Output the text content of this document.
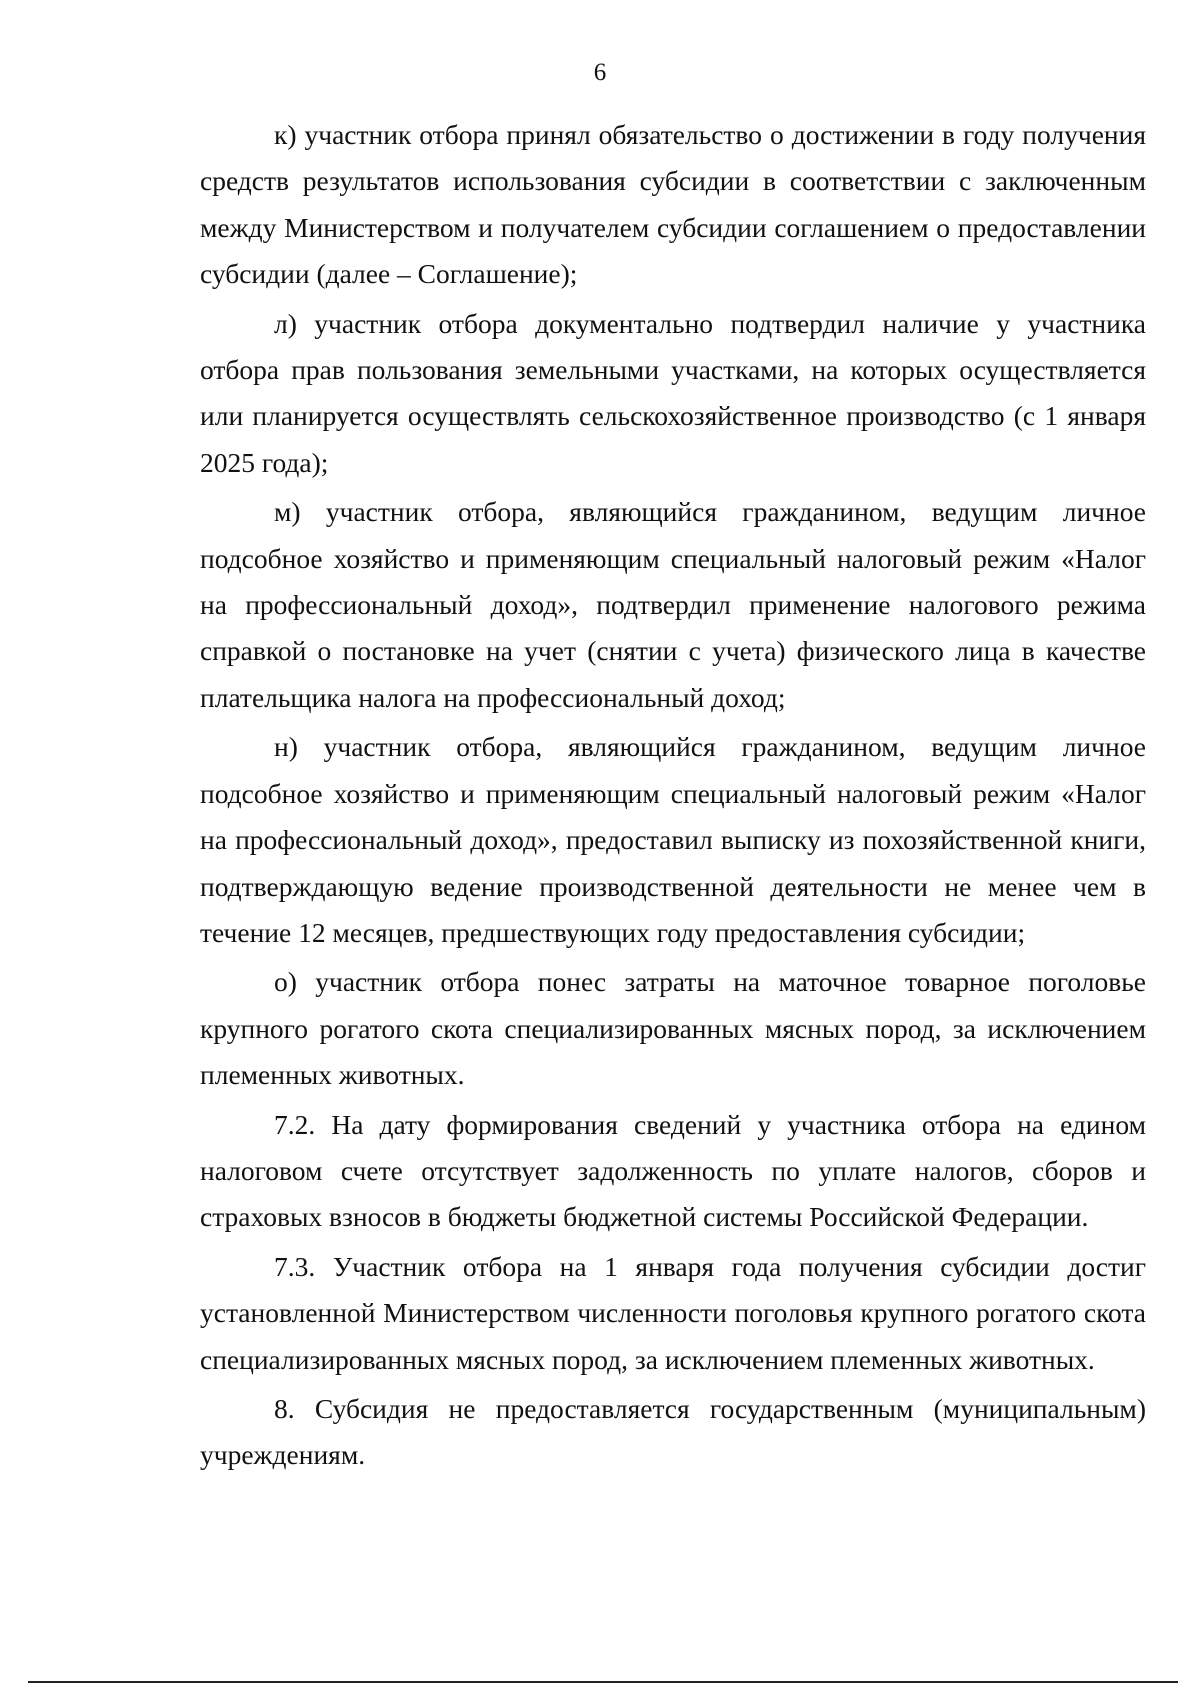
6

к) участник отбора принял обязательство о достижении в году получения средств результатов использования субсидии в соответствии с заключенным между Министерством и получателем субсидии соглашением о предоставлении субсидии (далее – Соглашение);

л) участник отбора документально подтвердил наличие у участника отбора прав пользования земельными участками, на которых осуществляется или планируется осуществлять сельскохозяйственное производство (с 1 января 2025 года);

м) участник отбора, являющийся гражданином, ведущим личное подсобное хозяйство и применяющим специальный налоговый режим «Налог на профессиональный доход», подтвердил применение налогового режима справкой о постановке на учет (снятии с учета) физического лица в качестве плательщика налога на профессиональный доход;

н) участник отбора, являющийся гражданином, ведущим личное подсобное хозяйство и применяющим специальный налоговый режим «Налог на профессиональный доход», предоставил выписку из похозяйственной книги, подтверждающую ведение производственной деятельности не менее чем в течение 12 месяцев, предшествующих году предоставления субсидии;

о) участник отбора понес затраты на маточное товарное поголовье крупного рогатого скота специализированных мясных пород, за исключением племенных животных.

7.2. На дату формирования сведений у участника отбора на едином налоговом счете отсутствует задолженность по уплате налогов, сборов и страховых взносов в бюджеты бюджетной системы Российской Федерации.

7.3. Участник отбора на 1 января года получения субсидии достиг установленной Министерством численности поголовья крупного рогатого скота специализированных мясных пород, за исключением племенных животных.

8. Субсидия не предоставляется государственным (муниципальным) учреждениям.
